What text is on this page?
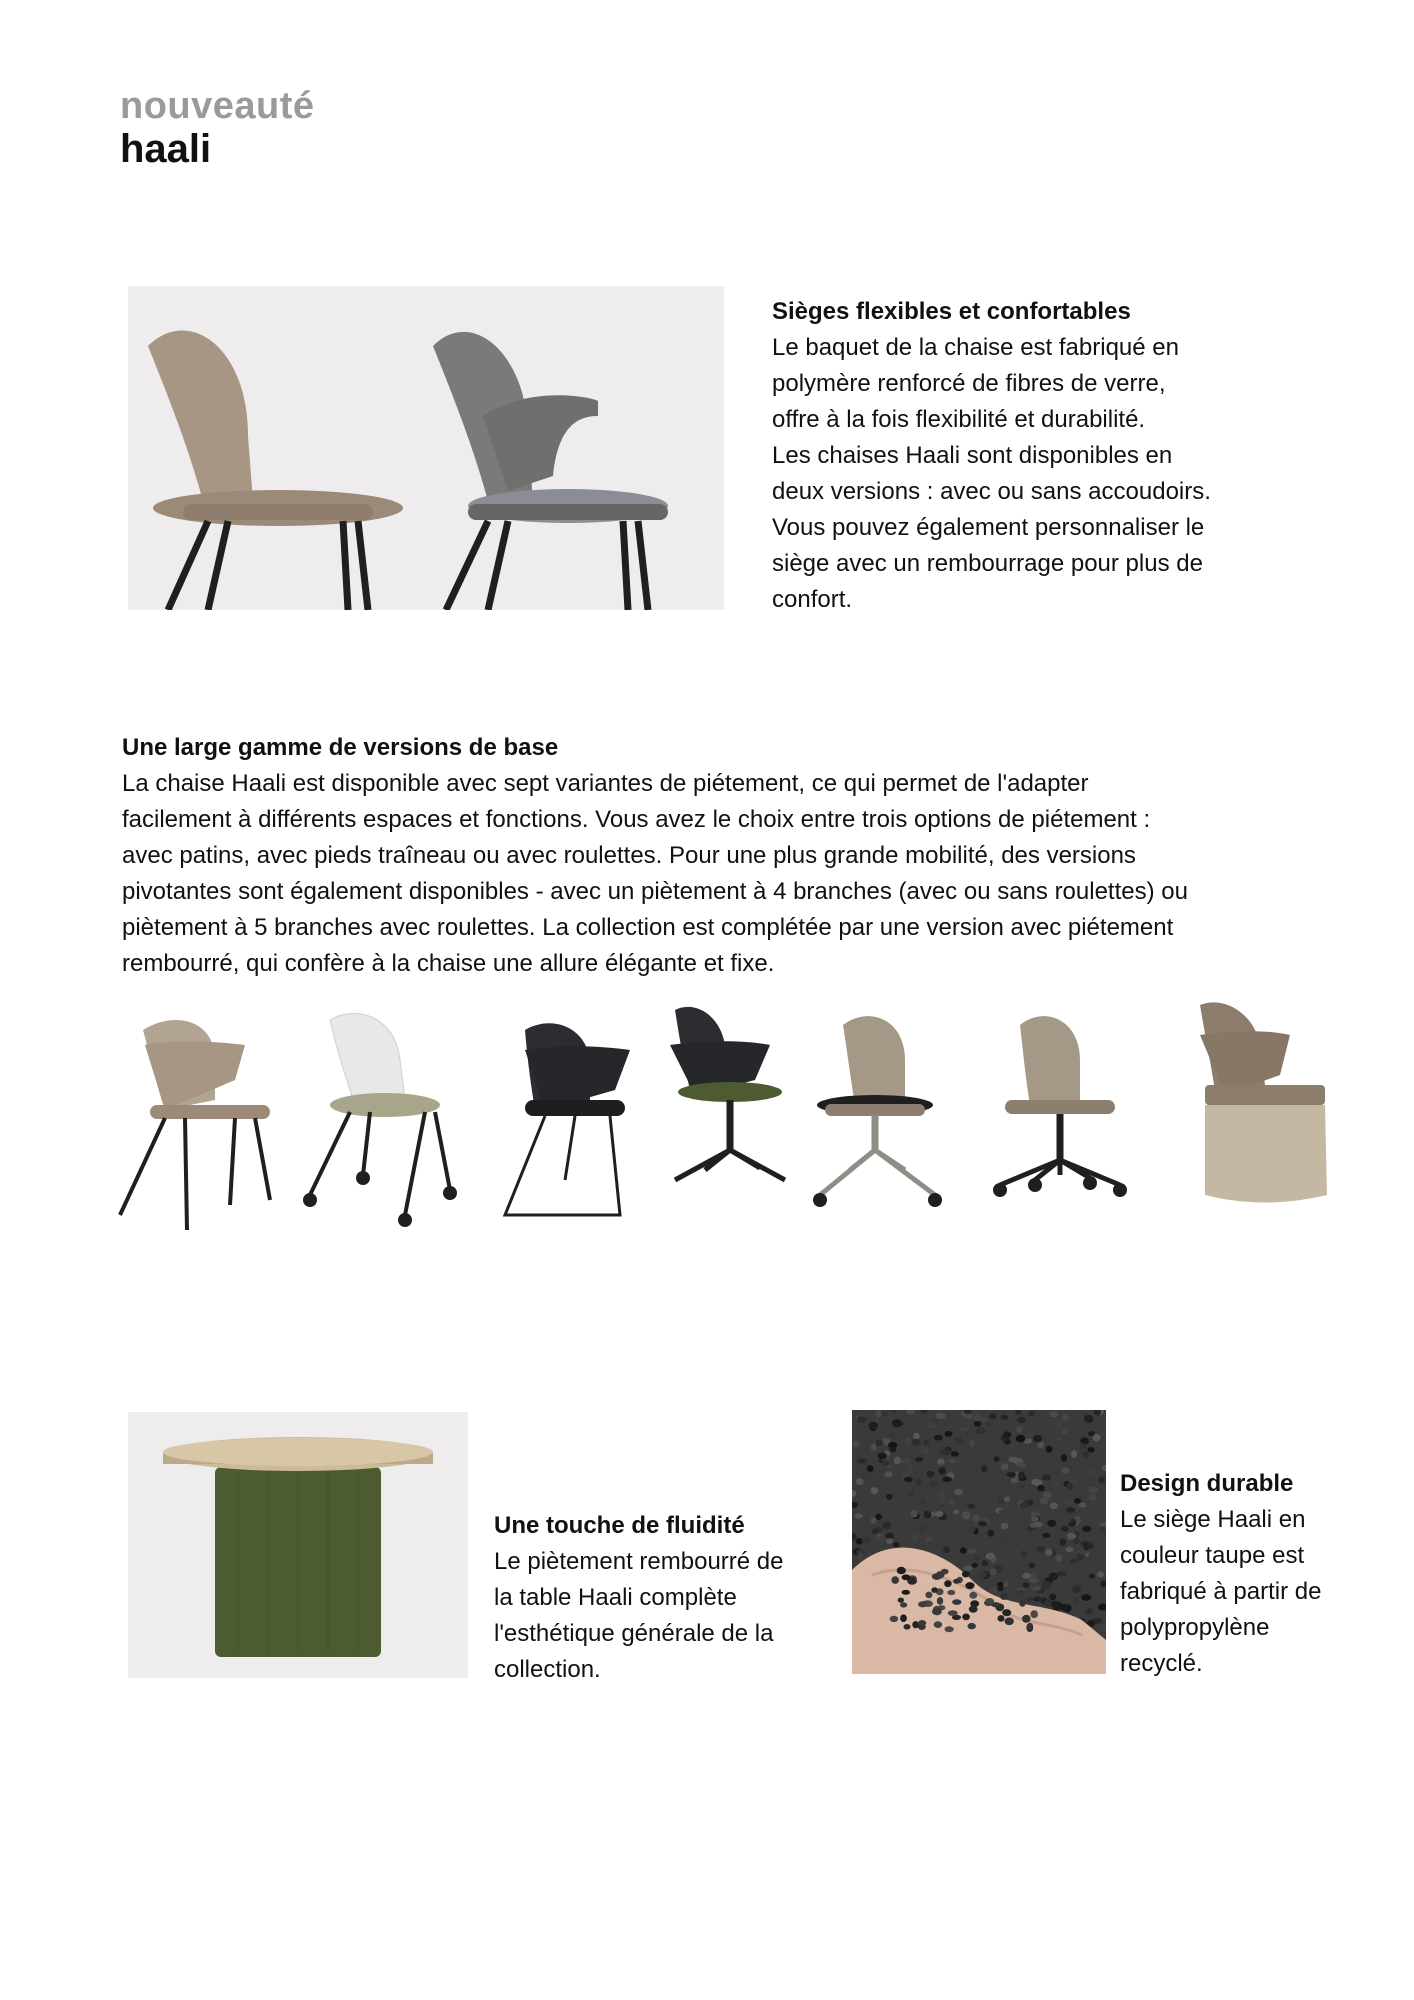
nouveauté
haali
Sièges flexibles et confortables
Le baquet de la chaise est fabriqué en
polymère renforcé de fibres de verre,
offre à la fois flexibilité et durabilité.
Les chaises Haali sont disponibles en
deux versions : avec ou sans accoudoirs.
Vous pouvez également personnaliser le
siège avec un rembourrage pour plus de
confort.
Une large gamme de versions de base
La chaise Haali est disponible avec sept variantes de piétement, ce qui permet de l'adapter
facilement à différents espaces et fonctions. Vous avez le choix entre trois options de piétement :
avec patins, avec pieds traîneau ou avec roulettes. Pour une plus grande mobilité, des versions
pivotantes sont également disponibles - avec un piètement à 4 branches (avec ou sans roulettes) ou
piètement à 5 branches avec roulettes. La collection est complétée par une version avec piétement
rembourré, qui confère à la chaise une allure élégante et fixe.
Une touche de fluidité
Le piètement rembourré de
la table Haali complète
l'esthétique générale de la
collection.
Design durable
Le siège Haali en
couleur taupe est
fabriqué à partir de
polypropylène
recyclé.
